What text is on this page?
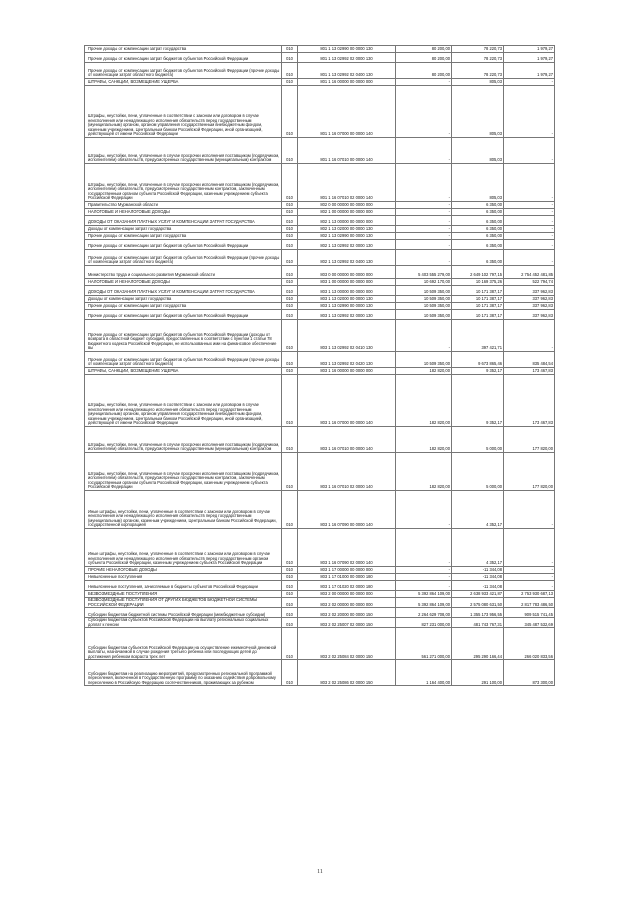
Прочие доходы от компенсации затрат государства	010	801 1 13 02990 00 0000 130	80 200,00	78 220,73	1 979,27
Прочие доходы от компенсации затрат бюджетов субъектов Российской Федерации	010	801 1 13 02992 02 0000 130	80 200,00	78 220,73	1 979,27
Прочие доходы от компенсации затрат бюджетов субъектов Российской Федерации (прочие доходы от компенсации затрат областного бюджета)	010	801 1 13 02992 02 0400 130	80 200,00	78 220,73	1 979,27
ШТРАФЫ, САНКЦИИ, ВОЗМЕЩЕНИЕ УЩЕРБА	010	801 1 16 00000 00 0000 000	-	805,03	-
Штрафы, неустойки, пени, уплаченные в соответствии с законом или договором в случае неисполнения или ненадлежащего исполнения обязательств перед государственным (муниципальным) органом, органом управления государственным внебюджетным фондом, казенным учреждением, Центральным банком Российской Федерации, иной организацией, действующей от имени Российской Федерации	010	801 1 16 07000 00 0000 140	-	805,03	-
Штрафы, неустойки, пени, уплаченные в случае просрочки исполнения поставщиком (подрядчиком, исполнителем) обязательств, предусмотренных государственным (муниципальным) контрактом	010	801 1 16 07010 00 0000 140	-	805,03	-
Штрафы, неустойки, пени, уплаченные в случае просрочки исполнения поставщиком (подрядчиком, исполнителем) обязательств, предусмотренных государственным контрактом, заключенным государственным органом субъекта Российской Федерации, казенным учреждением субъекта Российской Федерации	010	801 1 16 07010 02 0000 140	-	805,03	-
Правительство Мурманской области	010	802 0 00 00000 00 0000 000	-	6 350,00	-
НАЛОГОВЫЕ И НЕНАЛОГОВЫЕ ДОХОДЫ	010	802 1 00 00000 00 0000 000	-	6 350,00	-
ДОХОДЫ ОТ ОКАЗАНИЯ ПЛАТНЫХ УСЛУГ И КОМПЕНСАЦИИ ЗАТРАТ ГОСУДАРСТВА	010	802 1 13 00000 00 0000 000	-	6 350,00	-
Доходы от компенсации затрат государства	010	802 1 13 02000 00 0000 130	-	6 350,00	-
Прочие доходы от компенсации затрат государства	010	802 1 13 02990 00 0000 130	-	6 350,00	-
Прочие доходы от компенсации затрат бюджетов субъектов Российской Федерации	010	802 1 13 02992 02 0000 130	-	6 350,00	-
Прочие доходы от компенсации затрат бюджетов субъектов Российской Федерации (прочие доходы от компенсации затрат областного бюджета)	010	802 1 13 02992 02 0400 130	-	6 350,00	-
Министерство труда и социального развития Мурманской области	010	803 0 00 00000 00 0000 000	5 403 555 279,00	2 649 102 797,15	2 754 452 481,85
НАЛОГОВЫЕ И НЕНАЛОГОВЫЕ ДОХОДЫ	010	803 1 00 00000 00 0000 000	10 692 170,00	10 169 375,26	522 794,74
ДОХОДЫ ОТ ОКАЗАНИЯ ПЛАТНЫХ УСЛУГ И КОМПЕНСАЦИИ ЗАТРАТ ГОСУДАРСТВА	010	803 1 13 00000 00 0000 000	10 509 350,00	10 171 387,17	337 962,83
Доходы от компенсации затрат государства	010	803 1 13 02000 00 0000 130	10 509 350,00	10 171 387,17	337 962,83
Прочие доходы от компенсации затрат государства	010	803 1 13 02990 00 0000 130	10 509 350,00	10 171 387,17	337 962,83
Прочие доходы от компенсации затрат бюджетов субъектов Российской Федерации	010	803 1 13 02992 02 0000 130	10 509 350,00	10 171 387,17	337 962,83
Прочие доходы от компенсации затрат бюджетов субъектов Российской Федерации (доходы от возврата в областной бюджет субсидий, предоставленных в соответствии с пунктом 1 статьи 78 Бюджетного кодекса Российской Федерации, не использованных ими на финансовое обеспечение вы	010	803 1 13 02992 02 0410 130	-	397 421,71	-
Прочие доходы от компенсации затрат бюджетов субъектов Российской Федерации (прочие доходы от компенсации затрат областного бюджета)	010	803 1 13 02992 02 0420 130	10 509 350,00	9 673 865,46	835 484,54
ШТРАФЫ, САНКЦИИ, ВОЗМЕЩЕНИЕ УЩЕРБА	010	803 1 16 00000 00 0000 000	182 820,00	9 352,17	173 467,83
Штрафы, неустойки, пени, уплаченные в соответствии с законом или договором в случае неисполнения или ненадлежащего исполнения обязательств перед государственным (муниципальным) органом, органом управления государственным внебюджетным фондом, казенным учреждением, Центральным банком Российской Федерации, иной организацией, действующей от имени Российской Федерации	010	803 1 16 07000 00 0000 140	182 820,00	9 352,17	173 467,83
Штрафы, неустойки, пени, уплаченные в случае просрочки исполнения поставщиком (подрядчиком, исполнителем) обязательств, предусмотренных государственным (муниципальным) контрактом	010	803 1 16 07010 00 0000 140	182 820,00	5 000,00	177 820,00
Штрафы, неустойки, пени, уплаченные в случае просрочки исполнения поставщиком (подрядчиком, исполнителем) обязательств, предусмотренных государственным контрактом, заключенным государственным органом субъекта Российской Федерации, казенным учреждением субъекта Российской Федерации	010	803 1 16 07010 02 0000 140	182 820,00	5 000,00	177 820,00
Иные штрафы, неустойки, пени, уплаченные в соответствии с законом или договором в случае неисполнения или ненадлежащего исполнения обязательств перед государственным (муниципальным) органом, казенным учреждением, Центральным банком Российской Федерации, государственной корпорацией	010	803 1 16 07090 00 0000 140	-	4 352,17	-
Иные штрафы, неустойки, пени, уплаченные в соответствии с законом или договором в случае неисполнения или ненадлежащего исполнения обязательств перед государственным органом субъекта Российской Федерации, казенным учреждением субъекта Российской Федерации	010	803 1 16 07090 02 0000 140	-	4 352,17	-
ПРОЧИЕ НЕНАЛОГОВЫЕ ДОХОДЫ	010	803 1 17 00000 00 0000 000	-	-11 344,08	-
Невыясненные поступления	010	803 1 17 01000 00 0000 180	-	-11 344,08	-
Невыясненные поступления, зачисляемые в бюджеты субъектов Российской Федерации	010	803 1 17 01020 02 0000 180	-	-11 344,08	-
БЕЗВОЗМЕЗДНЫЕ ПОСТУПЛЕНИЯ	010	803 2 00 00000 00 0000 000	5 392 864 109,00	2 638 933 421,87	2 753 930 687,13
БЕЗВОЗМЕЗДНЫЕ ПОСТУПЛЕНИЯ ОТ ДРУГИХ БЮДЖЕТОВ БЮДЖЕТНОЙ СИСТЕМЫ РОССИЙСКОЙ ФЕДЕРАЦИИ	010	803 2 02 00000 00 0000 000	5 392 864 109,00	2 575 080 631,50	2 817 783 486,50
Субсидии бюджетам бюджетной системы Российской Федерации (межбюджетные субсидии)	010	803 2 02 20000 00 0000 150	2 264 629 708,00	1 355 173 956,55	909 515 741,45
Субсидии бюджетам субъектов Российской Федерации на выплату региональных социальных доплат к пенсии	010	803 2 02 25007 02 0000 150	827 231 000,00	481 743 767,31	345 487 532,69
Субсидии бюджетам субъектов Российской Федерации на осуществление ежемесячной денежной выплаты, назначаемой в случае рождения третьего ребенка или последующих детей до достижения ребенком возраста трех лет	010	803 2 02 25084 02 0000 150	561 271 000,00	295 290 166,44	266 020 833,56
Субсидии бюджетам на реализацию мероприятий, предусмотренных региональной программой переселения, включенной в Государственную программу по оказанию содействия добровольному переселению в Российскую Федерацию соотечественников, проживающих за рубежом	010	803 2 02 25086 02 0000 150	1 164 400,00	291 100,00	873 300,00
11
